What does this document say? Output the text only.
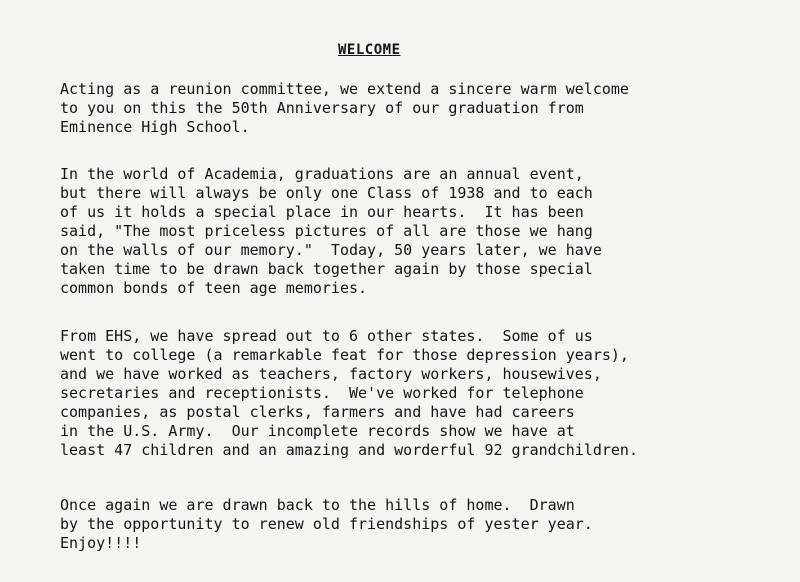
WELCOME
Acting as a reunion committee, we extend a sincere warm welcome
to you on this the 50th Anniversary of our graduation from
Eminence High School.
In the world of Academia, graduations are an annual event,
but there will always be only one Class of 1938 and to each
of us it holds a special place in our hearts.  It has been
said, "The most priceless pictures of all are those we hang
on the walls of our memory."  Today, 50 years later, we have
taken time to be drawn back together again by those special
common bonds of teen age memories.
From EHS, we have spread out to 6 other states.  Some of us
went to college (a remarkable feat for those depression years),
and we have worked as teachers, factory workers, housewives,
secretaries and receptionists.  We've worked for telephone
companies, as postal clerks, farmers and have had careers
in the U.S. Army.  Our incomplete records show we have at
least 47 children and an amazing and worderful 92 grandchildren.
Once again we are drawn back to the hills of home.  Drawn
by the opportunity to renew old friendships of yester year.
Enjoy!!!!
